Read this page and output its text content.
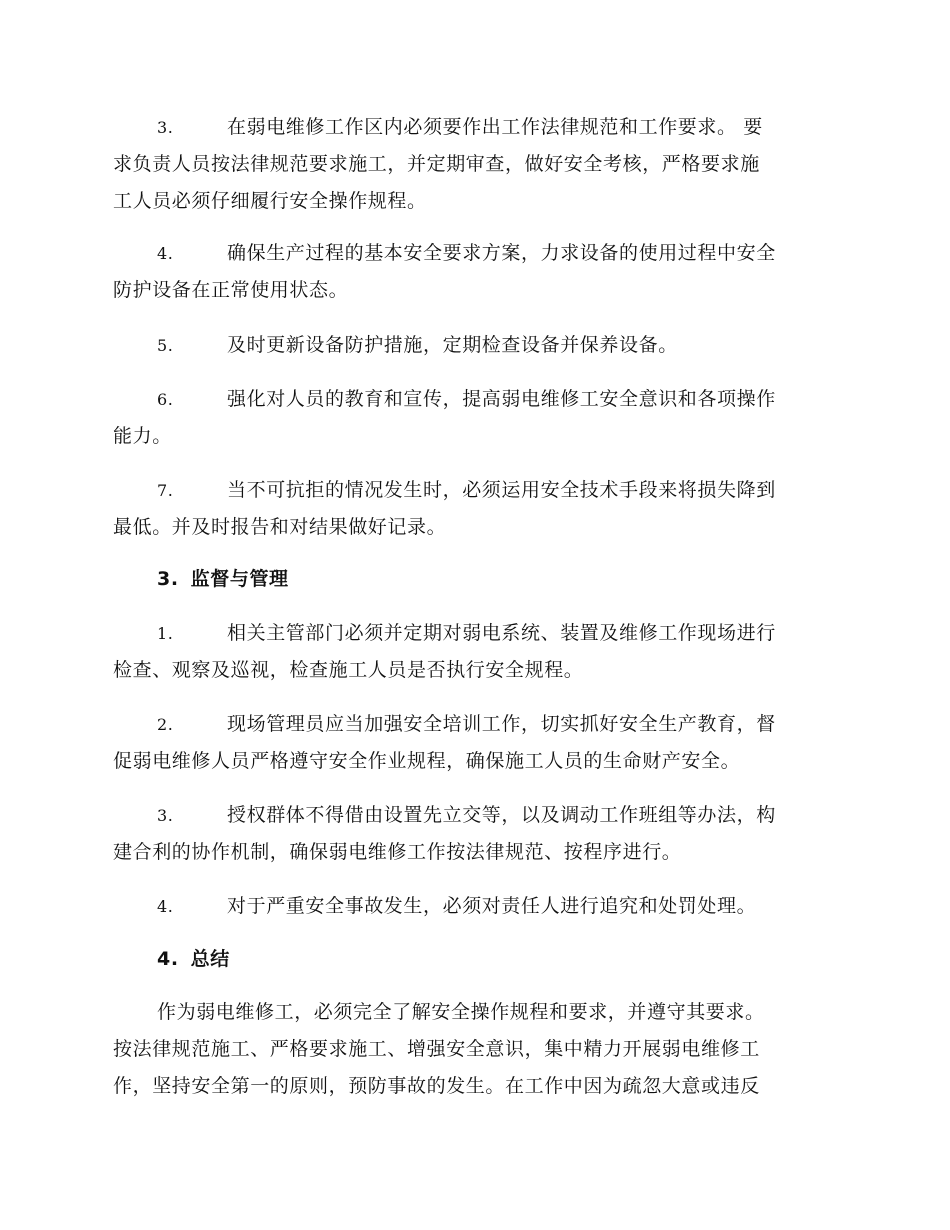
3.	在弱电维修工作区内必须要作出工作法律规范和工作要求。 要
求负责人员按法律规范要求施工，并定期审查，做好安全考核，严格要求施
工人员必须仔细履行安全操作规程。
4.	确保生产过程的基本安全要求方案，力求设备的使用过程中安全
防护设备在正常使用状态。
5.	及时更新设备防护措施，定期检查设备并保养设备。
6.	强化对人员的教育和宣传，提高弱电维修工安全意识和各项操作
能力。
7.	当不可抗拒的情况发生时，必须运用安全技术手段来将损失降到
最低。并及时报告和对结果做好记录。
3. 监督与管理
1.	相关主管部门必须并定期对弱电系统、装置及维修工作现场进行
检查、观察及巡视，检查施工人员是否执行安全规程。
2.	现场管理员应当加强安全培训工作，切实抓好安全生产教育，督
促弱电维修人员严格遵守安全作业规程，确保施工人员的生命财产安全。
3.	授权群体不得借由设置先立交等，以及调动工作班组等办法，构
建合利的协作机制，确保弱电维修工作按法律规范、按程序进行。
4.	对于严重安全事故发生，必须对责任人进行追究和处罚处理。
4. 总结
作为弱电维修工，必须完全了解安全操作规程和要求，并遵守其要求。
按法律规范施工、严格要求施工、增强安全意识，集中精力开展弱电维修工
作，坚持安全第一的原则，预防事故的发生。在工作中因为疏忽大意或违反
